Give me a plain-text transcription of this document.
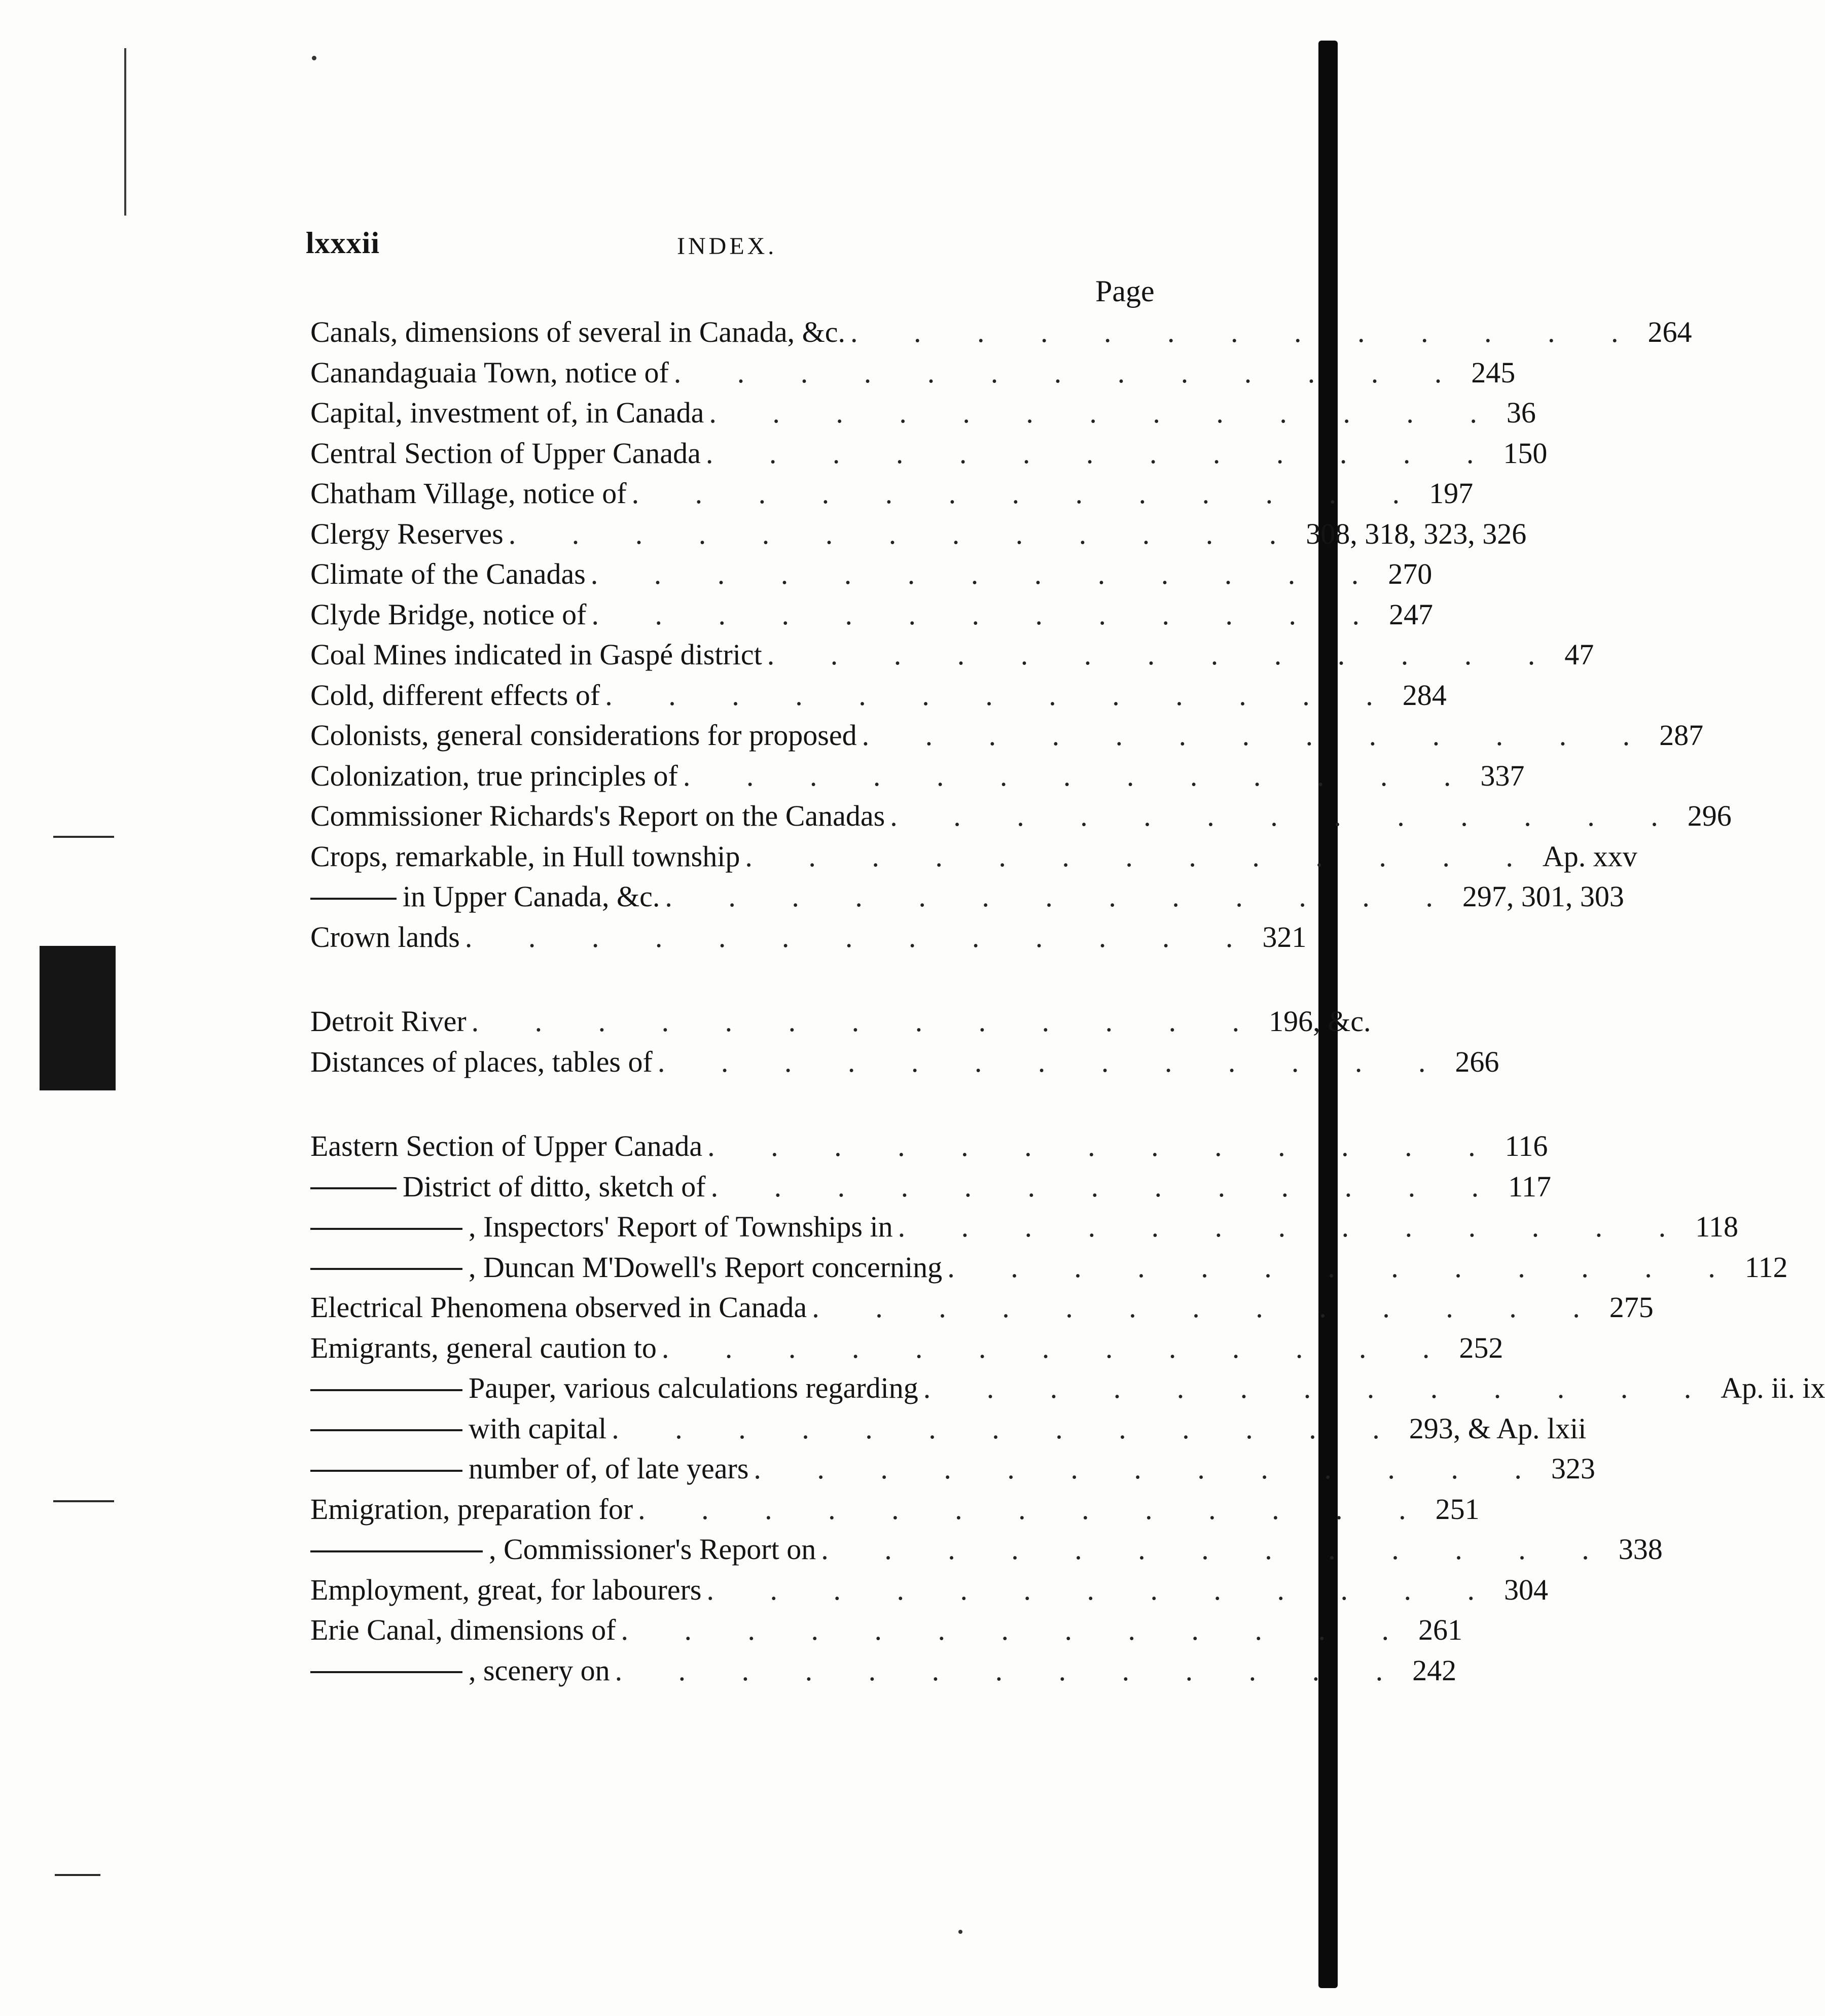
lxxxii	INDEX.
Page
Canals, dimensions of several in Canada, &c. . . . . . . . . . . . . . 264
Canandaguaia Town, notice of . . . . . . . . . . . . . 245
Capital, investment of, in Canada . . . . . . . . . . . . . 36
Central Section of Upper Canada . . . . . . . . . . . . . 150
Chatham Village, notice of . . . . . . . . . . . . . 197
Clergy Reserves . . . . . . . . . . . . . 308, 318, 323, 326
Climate of the Canadas . . . . . . . . . . . . . 270
Clyde Bridge, notice of . . . . . . . . . . . . . 247
Coal Mines indicated in Gaspé district . . . . . . . . . . . . . 47
Cold, different effects of . . . . . . . . . . . . . 284
Colonists, general considerations for proposed . . . . . . . . . . . . . 287
Colonization, true principles of . . . . . . . . . . . . . 337
Commissioner Richards's Report on the Canadas . . . . . . . . . . . . . 296
Crops, remarkable, in Hull township . . . . . . . . . . . . . Ap. xxv
in Upper Canada, &c. . . . . . . . . . . . . . 297, 301, 303
Crown lands . . . . . . . . . . . . . 321
Detroit River . . . . . . . . . . . . . 196, &c.
Distances of places, tables of . . . . . . . . . . . . . 266
Eastern Section of Upper Canada . . . . . . . . . . . . . 116
District of ditto, sketch of . . . . . . . . . . . . . 117
, Inspectors' Report of Townships in . . . . . . . . . . . . . 118
, Duncan M'Dowell's Report concerning . . . . . . . . . . . . . 112
Electrical Phenomena observed in Canada . . . . . . . . . . . . . 275
Emigrants, general caution to . . . . . . . . . . . . . 252
Pauper, various calculations regarding . . . . . . . . . . . . . Ap. ii. ix
with capital . . . . . . . . . . . . . 293, & Ap. lxii
number of, of late years . . . . . . . . . . . . . 323
Emigration, preparation for . . . . . . . . . . . . . 251
, Commissioner's Report on . . . . . . . . . . . . . 338
Employment, great, for labourers . . . . . . . . . . . . . 304
Erie Canal, dimensions of . . . . . . . . . . . . . 261
, scenery on . . . . . . . . . . . . . 242
